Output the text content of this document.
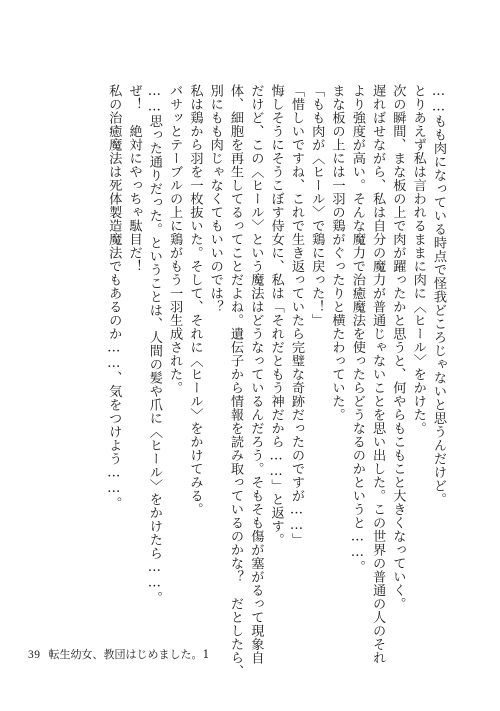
……もも肉になっている時点で怪我どころじゃないと思うんだけど。
とりあえず私は言われるままに肉に〈ヒール〉をかけた。
次の瞬間、まな板の上で肉が躍ったかと思うと、何やらもこもこと大きくなっていく。
遅ればせながら、私は自分の魔力が普通じゃないことを思い出した。この世界の普通の人のそれ
より強度が高い。そんな魔力で治癒魔法を使ったらどうなるのかというと……。
まな板の上には一羽の鶏がぐったりと横たわっていた。
「もも肉が〈ヒール〉で鶏に戻った！」
「惜しいですね、これで生き返っていたら完璧な奇跡だったのですが……」
悔しそうにそうこぼす侍女に、私は「それだともう神だから……」と返す。
だけど、この〈ヒール〉という魔法はどうなっているんだろう。そもそも傷が塞がるって現象自
体、細胞を再生してるってことだよね。遺伝子から情報を読み取っているのかな？　だとしたら、
別にもも肉じゃなくてもいいのでは？
私は鶏から羽を一枚抜いた。そして、それに〈ヒール〉をかけてみる。
バサッとテーブルの上に鶏がもう一羽生成された。
……思った通りだった。ということは、人間の髪や爪に〈ヒール〉をかけたら……。
ぜ！　絶対にやっちゃ駄目だ！
私の治癒魔法は死体製造魔法でもあるのか……、気をつけよう……。
39 転生幼女、教団はじめました。1
